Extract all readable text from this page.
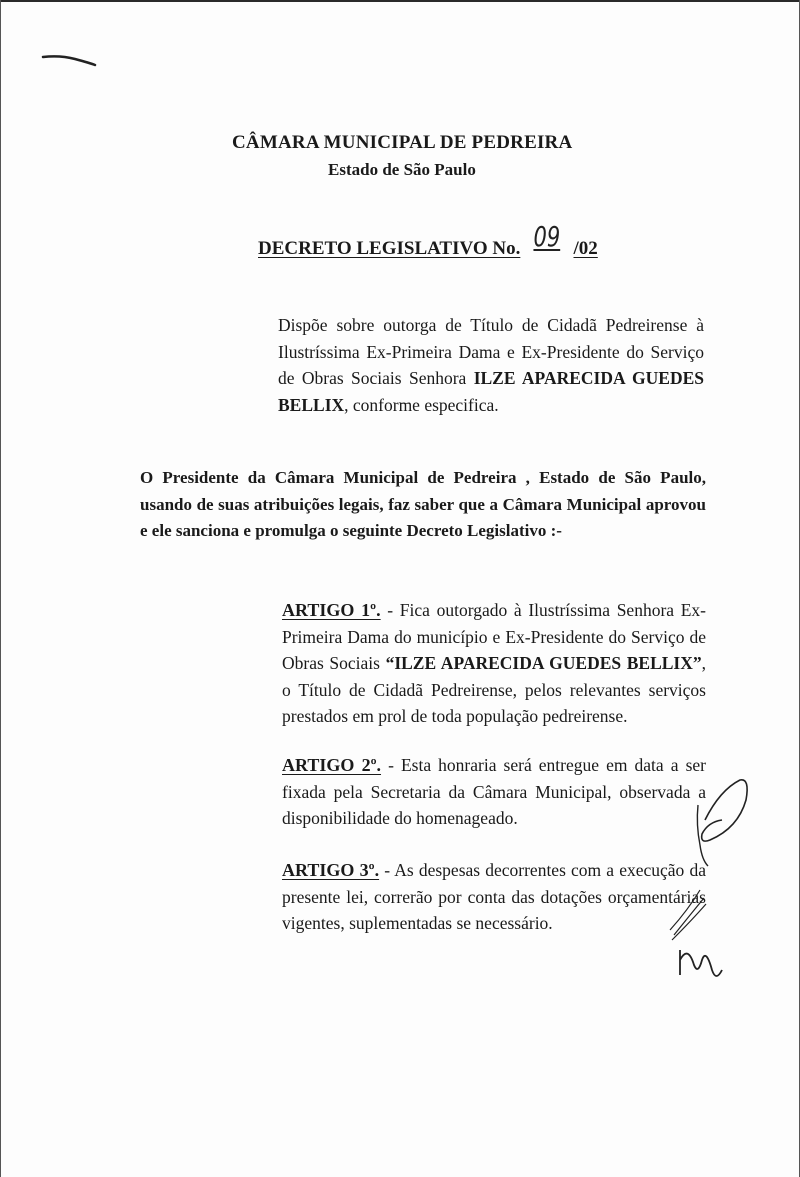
CÂMARA MUNICIPAL DE PEDREIRA
Estado de São Paulo
DECRETO LEGISLATIVO No. 09 /02
Dispõe sobre outorga de Título de Cidadã Pedreirense à Ilustríssima Ex-Primeira Dama e Ex-Presidente do Serviço de Obras Sociais Senhora ILZE APARECIDA GUEDES BELLIX, conforme especifica.
O Presidente da Câmara Municipal de Pedreira , Estado de São Paulo, usando de suas atribuições legais, faz saber que a Câmara Municipal aprovou e ele sanciona e promulga o seguinte Decreto Legislativo :-
ARTIGO 1º. - Fica outorgado à Ilustríssima Senhora Ex-Primeira Dama do município e Ex-Presidente do Serviço de Obras Sociais “ILZE APARECIDA GUEDES BELLIX”, o Título de Cidadã Pedreirense, pelos relevantes serviços prestados em prol de toda população pedreirense.
ARTIGO 2º. - Esta honraria será entregue em data a ser fixada pela Secretaria da Câmara Municipal, observada a disponibilidade do homenageado.
ARTIGO 3º. - As despesas decorrentes com a execução da presente lei, correrão por conta das dotações orçamentárias vigentes, suplementadas se necessário.
